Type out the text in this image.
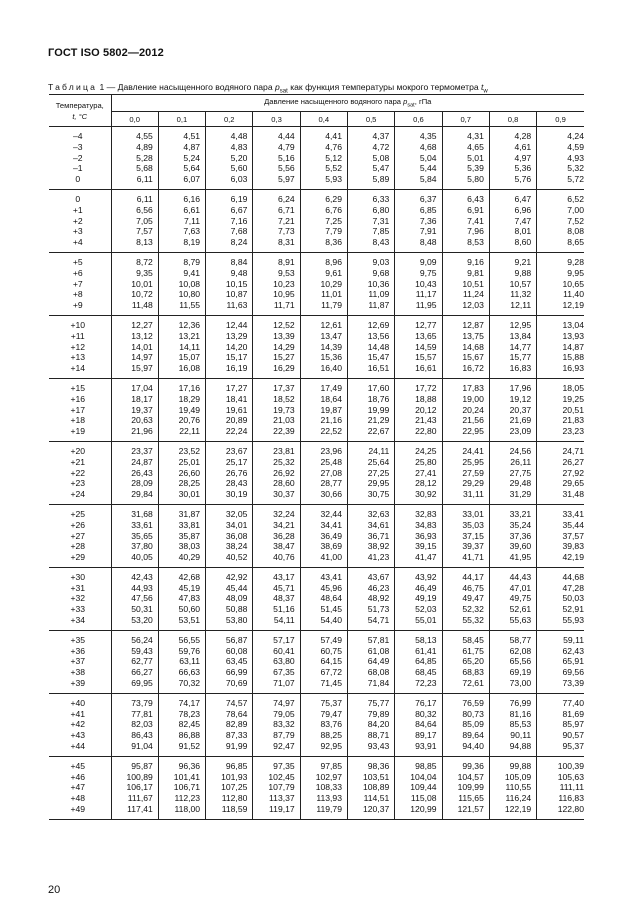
ГОСТ ISO 5802—2012
Таблица 1 — Давление насыщенного водяного пара $p_{sat}$ как функция температуры мокрого термометра $t_w$
Температура,
t, °С	Давление насыщенного водяного пара $p_{sat}$, гПа									
	0,0	0,1	0,2	0,3	0,4	0,5	0,6	0,7	0,8	0,9

–4	4,55	4,51	4,48	4,44	4,41	4,37	4,35	4,31	4,28	4,24
–3	4,89	4,87	4,83	4,79	4,76	4,72	4,68	4,65	4,61	4,59
–2	5,28	5,24	5,20	5,16	5,12	5,08	5,04	5,01	4,97	4,93
–1	5,68	5,64	5,60	5,56	5,52	5,47	5,44	5,39	5,36	5,32
0	6,11	6,07	6,03	5,97	5,93	5,89	5,84	5,80	5,76	5,72

0	6,11	6,16	6,19	6,24	6,29	6,33	6,37	6,43	6,47	6,52
+1	6,56	6,61	6,67	6,71	6,76	6,80	6,85	6,91	6,96	7,00
+2	7,05	7,11	7,16	7,21	7,25	7,31	7,36	7,41	7,47	7,52
+3	7,57	7,63	7,68	7,73	7,79	7,85	7,91	7,96	8,01	8,08
+4	8,13	8,19	8,24	8,31	8,36	8,43	8,48	8,53	8,60	8,65

+5	8,72	8,79	8,84	8,91	8,96	9,03	9,09	9,16	9,21	9,28
+6	9,35	9,41	9,48	9,53	9,61	9,68	9,75	9,81	9,88	9,95
+7	10,01	10,08	10,15	10,23	10,29	10,36	10,43	10,51	10,57	10,65
+8	10,72	10,80	10,87	10,95	11,01	11,09	11,17	11,24	11,32	11,40
+9	11,48	11,55	11,63	11,71	11,79	11,87	11,95	12,03	12,11	12,19

+10	12,27	12,36	12,44	12,52	12,61	12,69	12,77	12,87	12,95	13,04
+11	13,12	13,21	13,29	13,39	13,47	13,56	13,65	13,75	13,84	13,93
+12	14,01	14,11	14,20	14,29	14,39	14,48	14,59	14,68	14,77	14,87
+13	14,97	15,07	15,17	15,27	15,36	15,47	15,57	15,67	15,77	15,88
+14	15,97	16,08	16,19	16,29	16,40	16,51	16,61	16,72	16,83	16,93

+15	17,04	17,16	17,27	17,37	17,49	17,60	17,72	17,83	17,96	18,05
+16	18,17	18,29	18,41	18,52	18,64	18,76	18,88	19,00	19,12	19,25
+17	19,37	19,49	19,61	19,73	19,87	19,99	20,12	20,24	20,37	20,51
+18	20,63	20,76	20,89	21,03	21,16	21,29	21,43	21,56	21,69	21,83
+19	21,96	22,11	22,24	22,39	22,52	22,67	22,80	22,95	23,09	23,23

+20	23,37	23,52	23,67	23,81	23,96	24,11	24,25	24,41	24,56	24,71
+21	24,87	25,01	25,17	25,32	25,48	25,64	25,80	25,95	26,11	26,27
+22	26,43	26,60	26,76	26,92	27,08	27,25	27,41	27,59	27,75	27,92
+23	28,09	28,25	28,43	28,60	28,77	29,95	28,12	29,29	29,48	29,65
+24	29,84	30,01	30,19	30,37	30,66	30,75	30,92	31,11	31,29	31,48

+25	31,68	31,87	32,05	32,24	32,44	32,63	32,83	33,01	33,21	33,41
+26	33,61	33,81	34,01	34,21	34,41	34,61	34,83	35,03	35,24	35,44
+27	35,65	35,87	36,08	36,28	36,49	36,71	36,93	37,15	37,36	37,57
+28	37,80	38,03	38,24	38,47	38,69	38,92	39,15	39,37	39,60	39,83
+29	40,05	40,29	40,52	40,76	41,00	41,23	41,47	41,71	41,95	42,19

+30	42,43	42,68	42,92	43,17	43,41	43,67	43,92	44,17	44,43	44,68
+31	44,93	45,19	45,44	45,71	45,96	46,23	46,49	46,75	47,01	47,28
+32	47,56	47,83	48,09	48,37	48,64	48,92	49,19	49,47	49,75	50,03
+33	50,31	50,60	50,88	51,16	51,45	51,73	52,03	52,32	52,61	52,91
+34	53,20	53,51	53,80	54,11	54,40	54,71	55,01	55,32	55,63	55,93

+35	56,24	56,55	56,87	57,17	57,49	57,81	58,13	58,45	58,77	59,11
+36	59,43	59,76	60,08	60,41	60,75	61,08	61,41	61,75	62,08	62,43
+37	62,77	63,11	63,45	63,80	64,15	64,49	64,85	65,20	65,56	65,91
+38	66,27	66,63	66,99	67,35	67,72	68,08	68,45	68,83	69,19	69,56
+39	69,95	70,32	70,69	71,07	71,45	71,84	72,23	72,61	73,00	73,39

+40	73,79	74,17	74,57	74,97	75,37	75,77	76,17	76,59	76,99	77,40
+41	77,81	78,23	78,64	79,05	79,47	79,89	80,32	80,73	81,16	81,69
+42	82,03	82,45	82,89	83,32	83,76	84,20	84,64	85,09	85,53	85,97
+43	86,43	86,88	87,33	87,79	88,25	88,71	89,17	89,64	90,11	90,57
+44	91,04	91,52	91,99	92,47	92,95	93,43	93,91	94,40	94,88	95,37

+45	95,87	96,36	96,85	97,35	97,85	98,36	98,85	99,36	99,88	100,39
+46	100,89	101,41	101,93	102,45	102,97	103,51	104,04	104,57	105,09	105,63
+47	106,17	106,71	107,25	107,79	108,33	108,89	109,44	109,99	110,55	111,11
+48	111,67	112,23	112,80	113,37	113,93	114,51	115,08	115,65	116,24	116,83
+49	117,41	118,00	118,59	119,17	119,79	120,37	120,99	121,57	122,19	122,80

20
